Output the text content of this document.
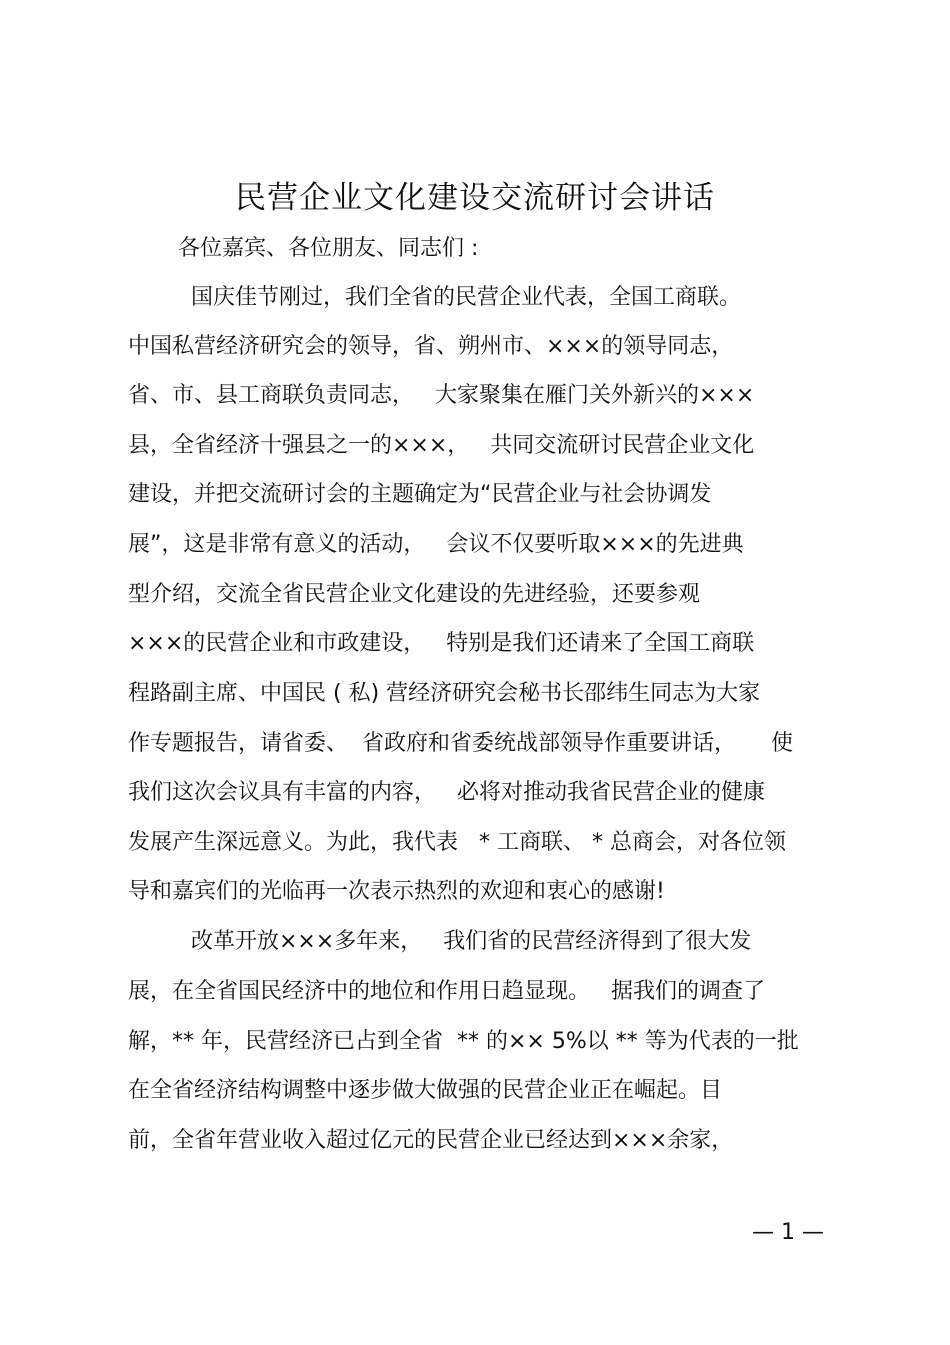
民营企业文化建设交流研讨会讲话

各位嘉宾、各位朋友、同志们 :

国庆佳节刚过，我们全省的民营企业代表，全国工商联。

中国私营经济研究会的领导，省、朔州市、×××的领导同志，

省、市、县工商联负责同志，   大家聚集在雁门关外新兴的×××

县，全省经济十强县之一的×××，   共同交流研讨民营企业文化

建设，并把交流研讨会的主题确定为“民营企业与社会协调发

展”，这是非常有意义的活动，   会议不仅要听取×××的先进典

型介绍，交流全省民营企业文化建设的先进经验，还要参观

×××的民营企业和市政建设，   特别是我们还请来了全国工商联

程路副主席、中国民 ( 私) 营经济研究会秘书长邵纬生同志为大家

作专题报告，请省委、  省政府和省委统战部领导作重要讲话，     使

我们这次会议具有丰富的内容，   必将对推动我省民营企业的健康

发展产生深远意义。为此，我代表   * 工商联、 * 总商会，对各位领

导和嘉宾们的光临再一次表示热烈的欢迎和衷心的感谢!

改革开放×××多年来，   我们省的民营经济得到了很大发

展，在全省国民经济中的地位和作用日趋显现。   据我们的调查了

解，** 年，民营经济已占到全省  ** 的×× 5%以 ** 等为代表的一批

在全省经济结构调整中逐步做大做强的民营企业正在崛起。目

前，全省年营业收入超过亿元的民营企业已经达到×××余家，

— 1 —
